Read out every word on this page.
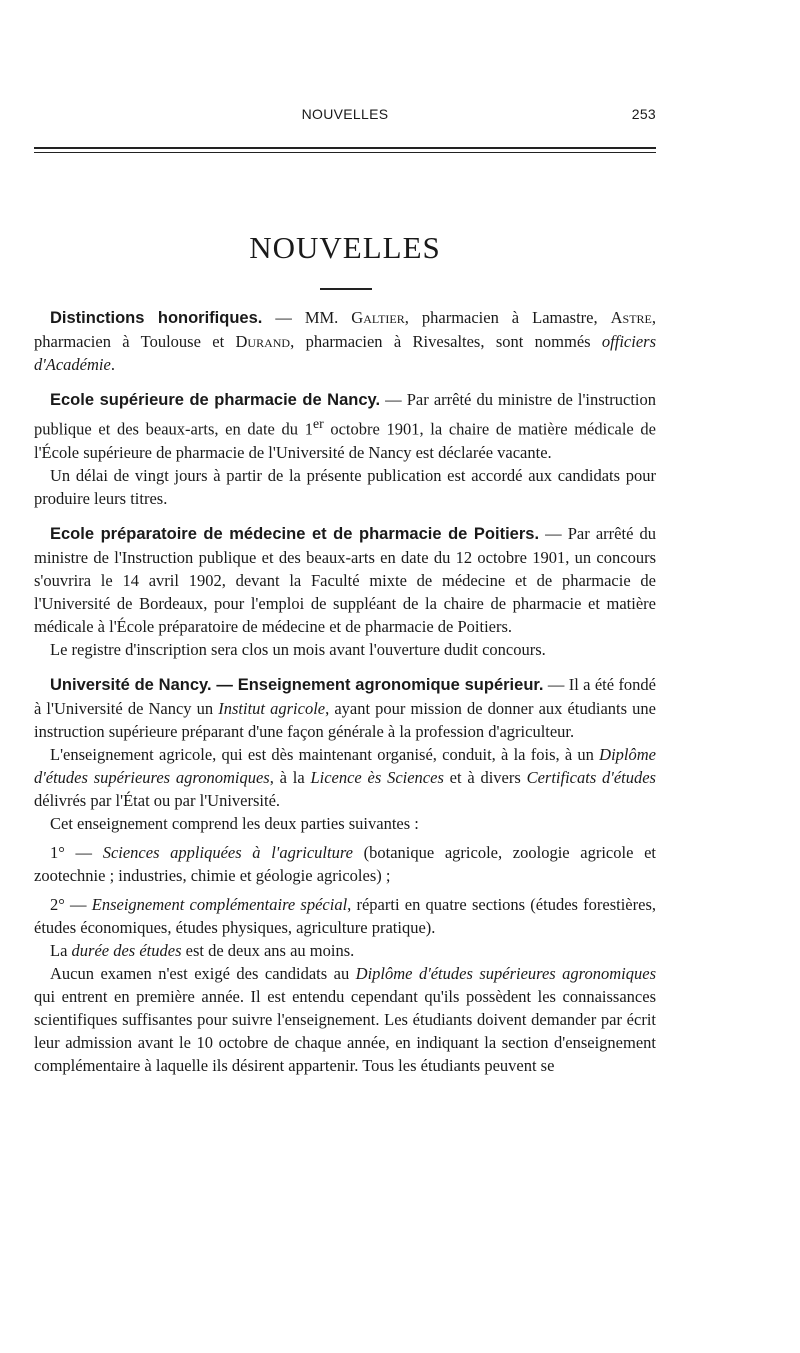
NOUVELLES	253
NOUVELLES

Distinctions honorifiques. — MM. Galtier, pharmacien à Lamastre, Astre, pharmacien à Toulouse et Durand, pharmacien à Rivesaltes, sont nommés officiers d'Académie.

Ecole supérieure de pharmacie de Nancy. — Par arrêté du ministre de l'instruction publique et des beaux-arts, en date du 1er octobre 1901, la chaire de matière médicale de l'École supérieure de pharmacie de l'Université de Nancy est déclarée vacante.

Un délai de vingt jours à partir de la présente publication est accordé aux candidats pour produire leurs titres.

Ecole préparatoire de médecine et de pharmacie de Poitiers. — Par arrêté du ministre de l'Instruction publique et des beaux-arts en date du 12 octobre 1901, un concours s'ouvrira le 14 avril 1902, devant la Faculté mixte de médecine et de pharmacie de l'Université de Bordeaux, pour l'emploi de suppléant de la chaire de pharmacie et matière médicale à l'École préparatoire de médecine et de pharmacie de Poitiers.

Le registre d'inscription sera clos un mois avant l'ouverture dudit concours.

Université de Nancy. — Enseignement agronomique supérieur. — Il a été fondé à l'Université de Nancy un Institut agricole, ayant pour mission de donner aux étudiants une instruction supérieure préparant d'une façon générale à la profession d'agriculteur.

L'enseignement agricole, qui est dès maintenant organisé, conduit, à la fois, à un Diplôme d'études supérieures agronomiques, à la Licence ès Sciences et à divers Certificats d'études délivrés par l'État ou par l'Université.

Cet enseignement comprend les deux parties suivantes :

1° — Sciences appliquées à l'agriculture (botanique agricole, zoologie agricole et zootechnie ; industries, chimie et géologie agricoles) ;

2° — Enseignement complémentaire spécial, réparti en quatre sections (études forestières, études économiques, études physiques, agriculture pratique).

La durée des études est de deux ans au moins.

Aucun examen n'est exigé des candidats au Diplôme d'études supérieures agronomiques qui entrent en première année. Il est entendu cependant qu'ils possèdent les connaissances scientifiques suffisantes pour suivre l'enseignement. Les étudiants doivent demander par écrit leur admission avant le 10 octobre de chaque année, en indiquant la section d'enseignement complémentaire à laquelle ils désirent appartenir. Tous les étudiants peuvent se
